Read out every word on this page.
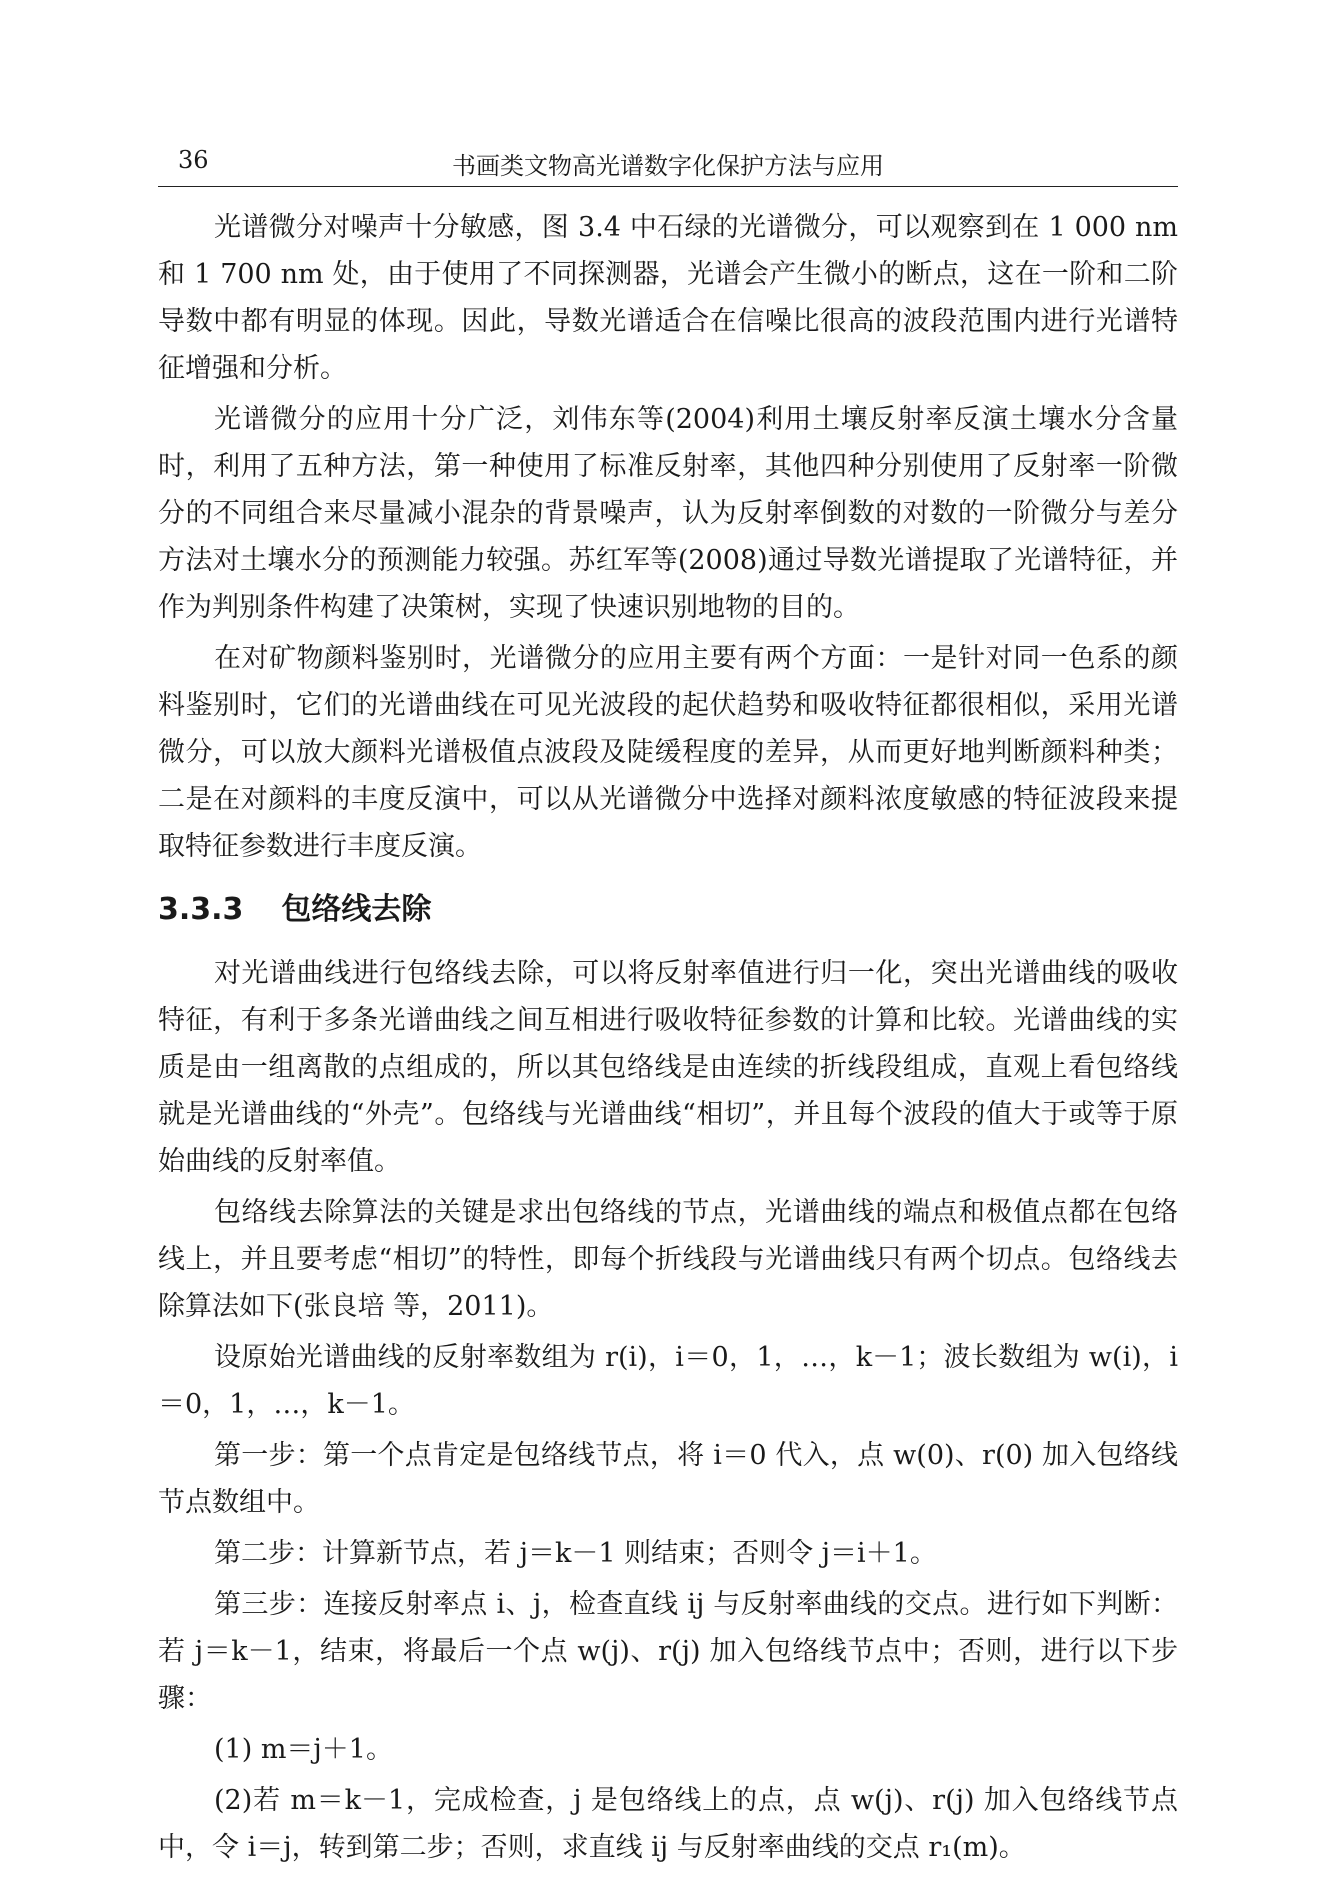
36	书画类文物高光谱数字化保护方法与应用

光谱微分对噪声十分敏感，图 3.4 中石绿的光谱微分，可以观察到在 1 000 nm 和 1 700 nm 处，由于使用了不同探测器，光谱会产生微小的断点，这在一阶和二阶导数中都有明显的体现。因此，导数光谱适合在信噪比很高的波段范围内进行光谱特征增强和分析。

光谱微分的应用十分广泛，刘伟东等(2004)利用土壤反射率反演土壤水分含量时，利用了五种方法，第一种使用了标准反射率，其他四种分别使用了反射率一阶微分的不同组合来尽量减小混杂的背景噪声，认为反射率倒数的对数的一阶微分与差分方法对土壤水分的预测能力较强。苏红军等(2008)通过导数光谱提取了光谱特征，并作为判别条件构建了决策树，实现了快速识别地物的目的。

在对矿物颜料鉴别时，光谱微分的应用主要有两个方面：一是针对同一色系的颜料鉴别时，它们的光谱曲线在可见光波段的起伏趋势和吸收特征都很相似，采用光谱微分，可以放大颜料光谱极值点波段及陡缓程度的差异，从而更好地判断颜料种类；二是在对颜料的丰度反演中，可以从光谱微分中选择对颜料浓度敏感的特征波段来提取特征参数进行丰度反演。

3.3.3 包络线去除

对光谱曲线进行包络线去除，可以将反射率值进行归一化，突出光谱曲线的吸收特征，有利于多条光谱曲线之间互相进行吸收特征参数的计算和比较。光谱曲线的实质是由一组离散的点组成的，所以其包络线是由连续的折线段组成，直观上看包络线就是光谱曲线的“外壳”。包络线与光谱曲线“相切”，并且每个波段的值大于或等于原始曲线的反射率值。

包络线去除算法的关键是求出包络线的节点，光谱曲线的端点和极值点都在包络线上，并且要考虑“相切”的特性，即每个折线段与光谱曲线只有两个切点。包络线去除算法如下(张良培 等，2011)。

设原始光谱曲线的反射率数组为 r(i)，i＝0，1，…，k－1；波长数组为 w(i)，i＝0，1，…，k－1。

第一步：第一个点肯定是包络线节点，将 i＝0 代入，点 w(0)、r(0) 加入包络线节点数组中。

第二步：计算新节点，若 j＝k－1 则结束；否则令 j＝i＋1。

第三步：连接反射率点 i、j，检查直线 ij 与反射率曲线的交点。进行如下判断：若 j＝k－1，结束，将最后一个点 w(j)、r(j) 加入包络线节点中；否则，进行以下步骤：

(1) m＝j＋1。

(2)若 m＝k－1，完成检查，j 是包络线上的点，点 w(j)、r(j) 加入包络线节点中，令 i＝j，转到第二步；否则，求直线 ij 与反射率曲线的交点 r₁(m)。
